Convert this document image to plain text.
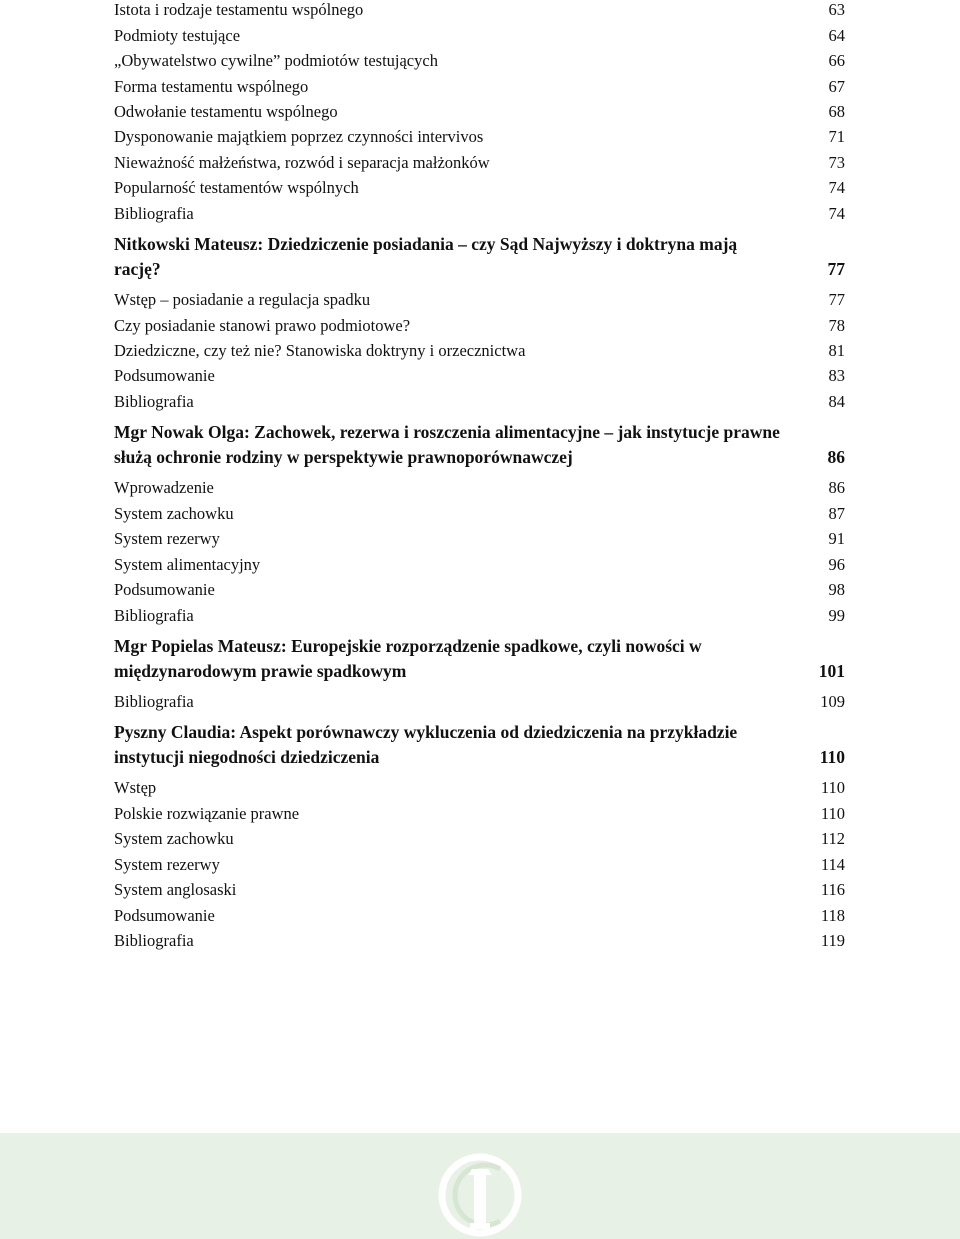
Istota i rodzaje testamentu wspólnego	63
Podmioty testujące	64
„Obywatelstwo cywilne” podmiotów testujących	66
Forma testamentu wspólnego	67
Odwołanie testamentu wspólnego	68
Dysponowanie majątkiem poprzez czynności intervivos	71
Nieważność małżeństwa, rozwód i separacja małżonków	73
Popularność testamentów wspólnych	74
Bibliografia	74
Nitkowski Mateusz: Dziedziczenie posiadania – czy Sąd Najwyższy i doktryna mają rację?	77
Wstęp – posiadanie a regulacja spadku	77
Czy posiadanie stanowi prawo podmiotowe?	78
Dziedziczne, czy też nie? Stanowiska doktryny i orzecznictwa	81
Podsumowanie	83
Bibliografia	84
Mgr Nowak Olga: Zachowek, rezerwa i roszczenia alimentacyjne – jak instytucje prawne służą ochronie rodziny w perspektywie prawnoporównawczej	86
Wprowadzenie	86
System zachowku	87
System rezerwy	91
System alimentacyjny	96
Podsumowanie	98
Bibliografia	99
Mgr Popielas Mateusz: Europejskie rozporządzenie spadkowe, czyli nowości w międzynarodowym prawie spadkowym	101
Bibliografia	109
Pyszny Claudia: Aspekt porównawczy wykluczenia od dziedziczenia na przykładzie instytucji niegodności dziedziczenia	110
Wstęp	110
Polskie rozwiązanie prawne	110
System zachowku	112
System rezerwy	114
System anglosaski	116
Podsumowanie	118
Bibliografia	119
